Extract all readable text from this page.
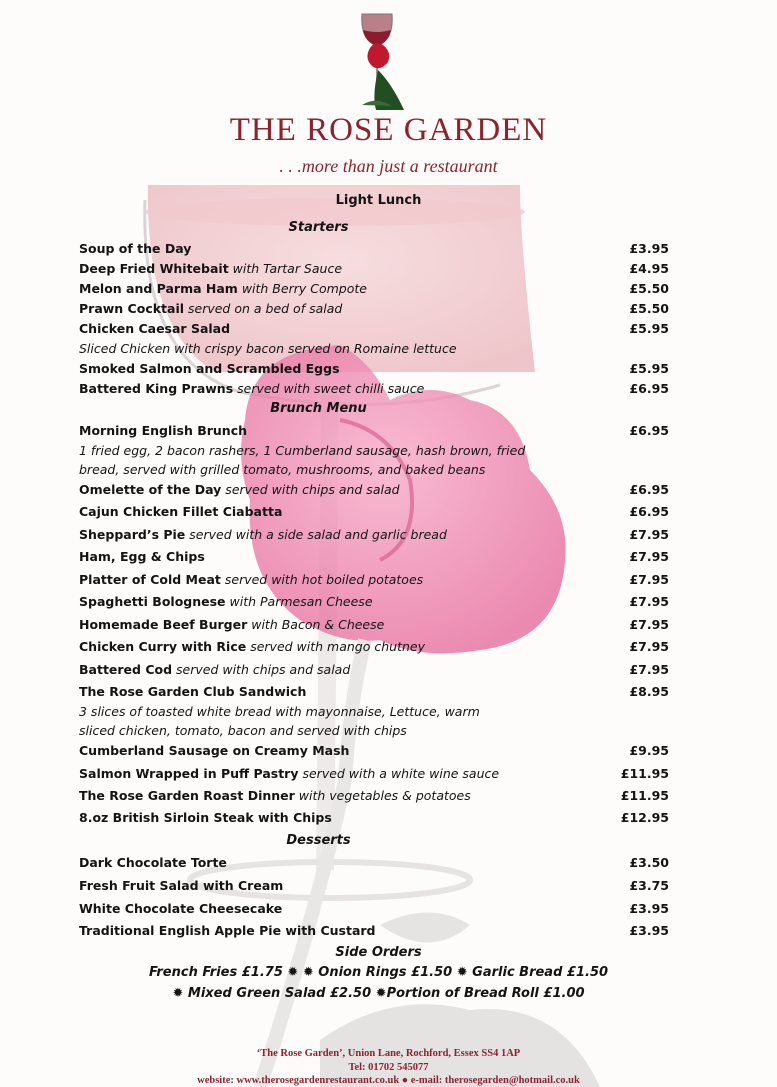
THE ROSE GARDEN
. . .more than just a restaurant
Light Lunch
Starters
Soup of the Day	£3.95
Deep Fried Whitebait with Tartar Sauce	£4.95
Melon and Parma Ham with Berry Compote	£5.50
Prawn Cocktail served on a bed of salad	£5.50
Chicken Caesar Salad	£5.95
Sliced Chicken with crispy bacon served on Romaine lettuce
Smoked Salmon and Scrambled Eggs	£5.95
Battered King Prawns served with sweet chilli sauce	£6.95
Brunch Menu
Morning English Brunch	£6.95
1 fried egg, 2 bacon rashers, 1 Cumberland sausage, hash brown, fried
bread, served with grilled tomato, mushrooms, and baked beans
Omelette of the Day served with chips and salad	£6.95
Cajun Chicken Fillet Ciabatta	£6.95
Sheppard’s Pie served with a side salad and garlic bread	£7.95
Ham, Egg & Chips	£7.95
Platter of Cold Meat served with hot boiled potatoes	£7.95
Spaghetti Bolognese with Parmesan Cheese	£7.95
Homemade Beef Burger with Bacon & Cheese	£7.95
Chicken Curry with Rice served with mango chutney	£7.95
Battered Cod served with chips and salad	£7.95
The Rose Garden Club Sandwich	£8.95
3 slices of toasted white bread with mayonnaise, Lettuce, warm
sliced chicken, tomato, bacon and served with chips
Cumberland Sausage on Creamy Mash	£9.95
Salmon Wrapped in Puff Pastry served with a white wine sauce	£11.95
The Rose Garden Roast Dinner with vegetables & potatoes	£11.95
8.oz British Sirloin Steak with Chips	£12.95
Desserts
Dark Chocolate Torte	£3.50
Fresh Fruit Salad with Cream	£3.75
White Chocolate Cheesecake	£3.95
Traditional English Apple Pie with Custard	£3.95
Side Orders
French Fries £1.75 ✹ ✹ Onion Rings £1.50 ✹ Garlic Bread £1.50
✹ Mixed Green Salad £2.50 ✹Portion of Bread Roll £1.00
‘The Rose Garden’, Union Lane, Rochford, Essex SS4 1AP
Tel: 01702 545077
website: www.therosegardenrestaurant.co.uk ● e-mail: therosegarden@hotmail.co.uk
